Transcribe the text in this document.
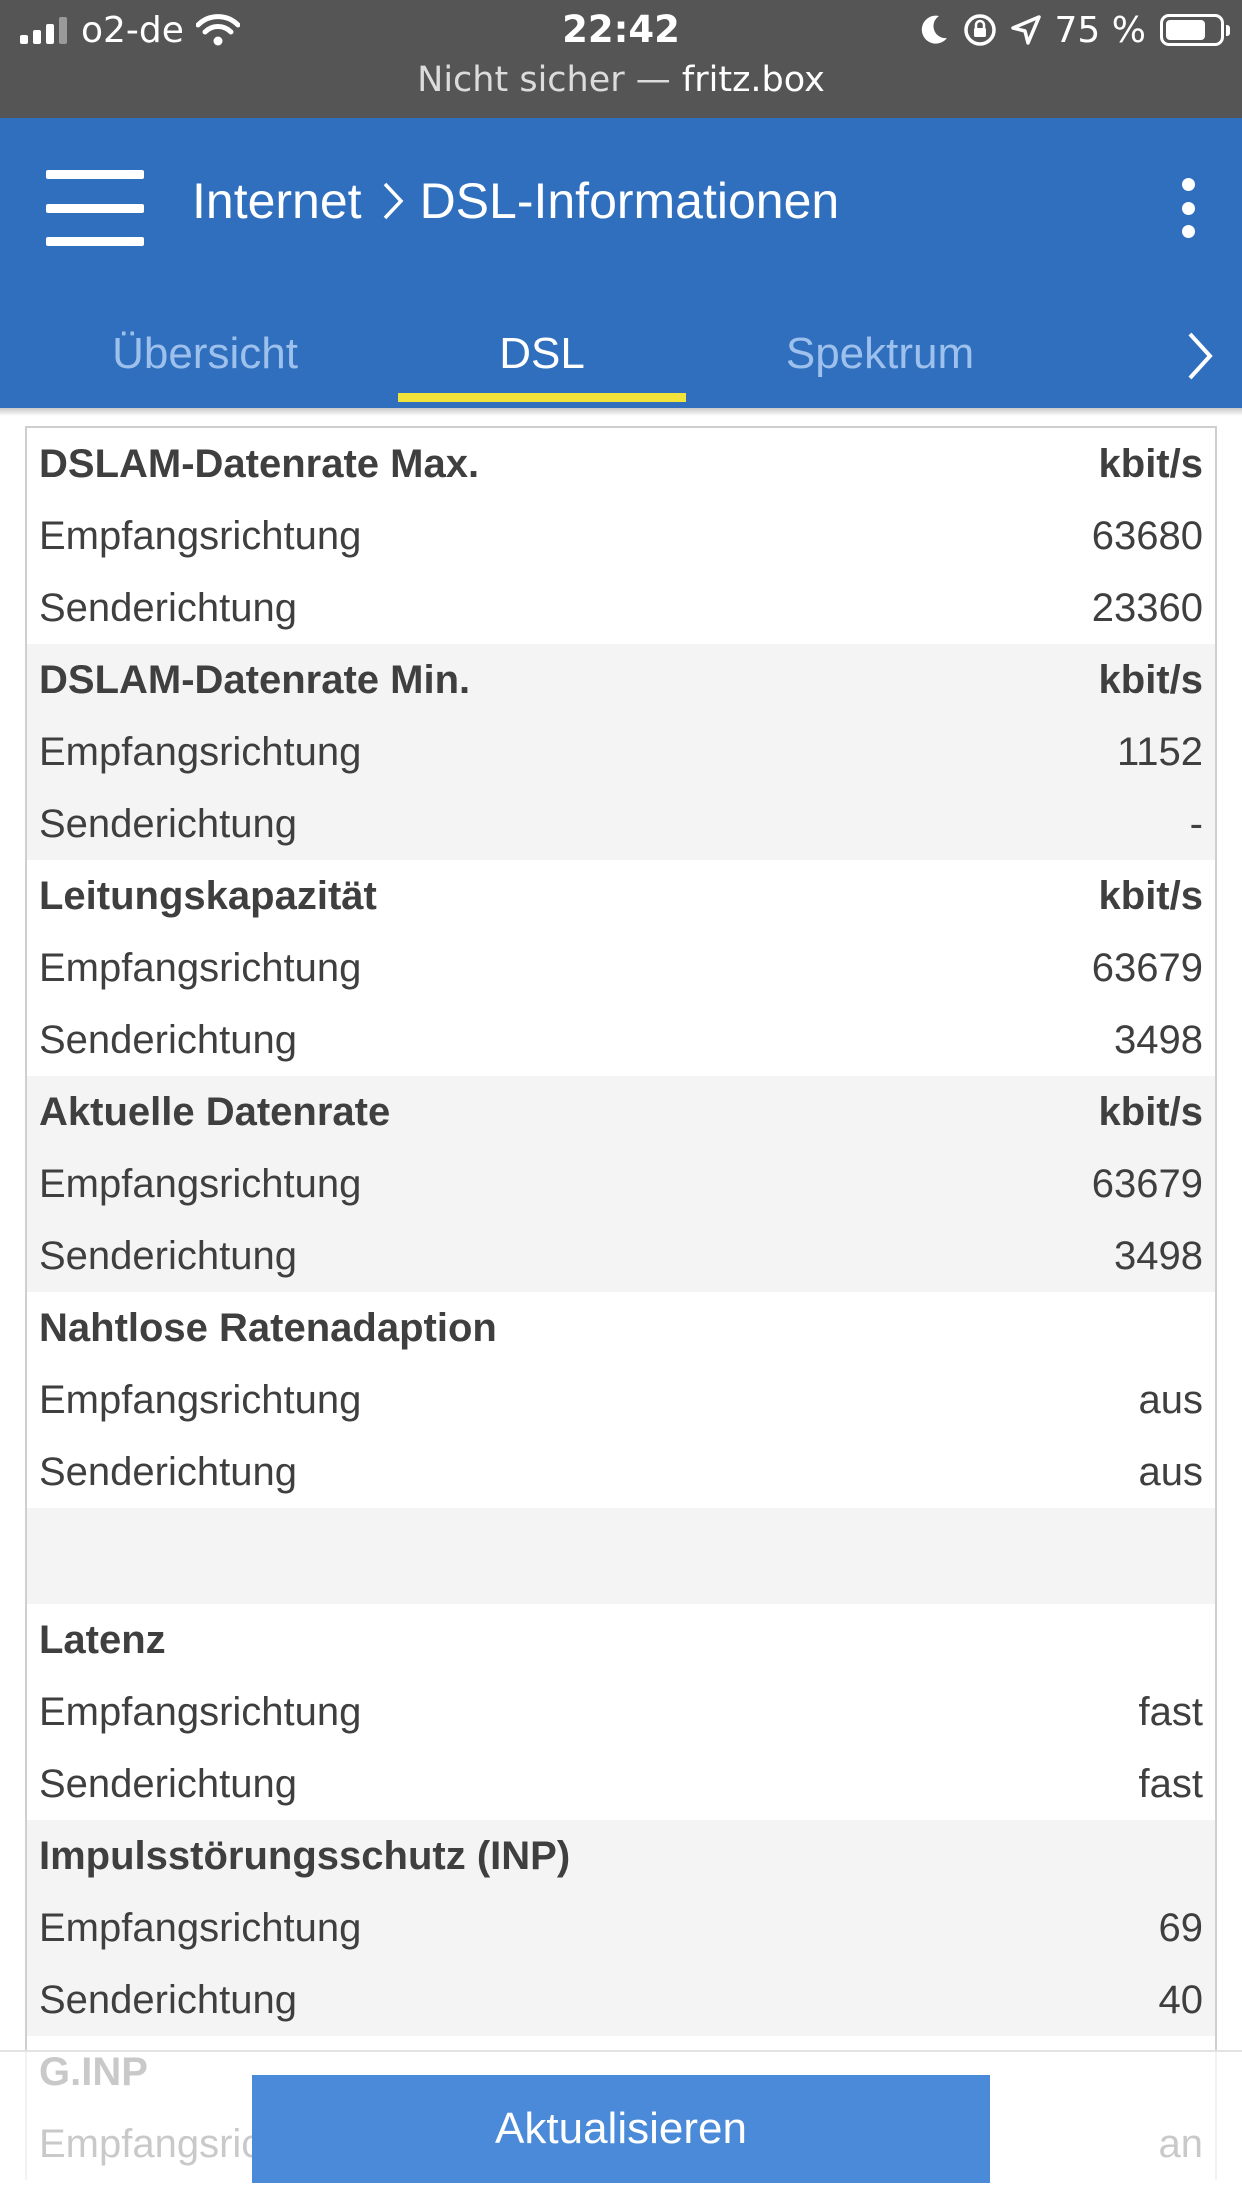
o2-de	22:42	75 %
Nicht sicher — fritz.box
Internet DSL-Informationen
Übersicht	DSL	Spektrum
DSLAM-Datenrate Max.	kbit/s
Empfangsrichtung	63680
Senderichtung	23360
DSLAM-Datenrate Min.	kbit/s
Empfangsrichtung	1152
Senderichtung	-
Leitungskapazität	kbit/s
Empfangsrichtung	63679
Senderichtung	3498
Aktuelle Datenrate	kbit/s
Empfangsrichtung	63679
Senderichtung	3498
Nahtlose Ratenadaption
Empfangsrichtung	aus
Senderichtung	aus
Latenz
Empfangsrichtung	fast
Senderichtung	fast
Impulsstörungsschutz (INP)
Empfangsrichtung	69
Senderichtung	40
Aktualisieren
